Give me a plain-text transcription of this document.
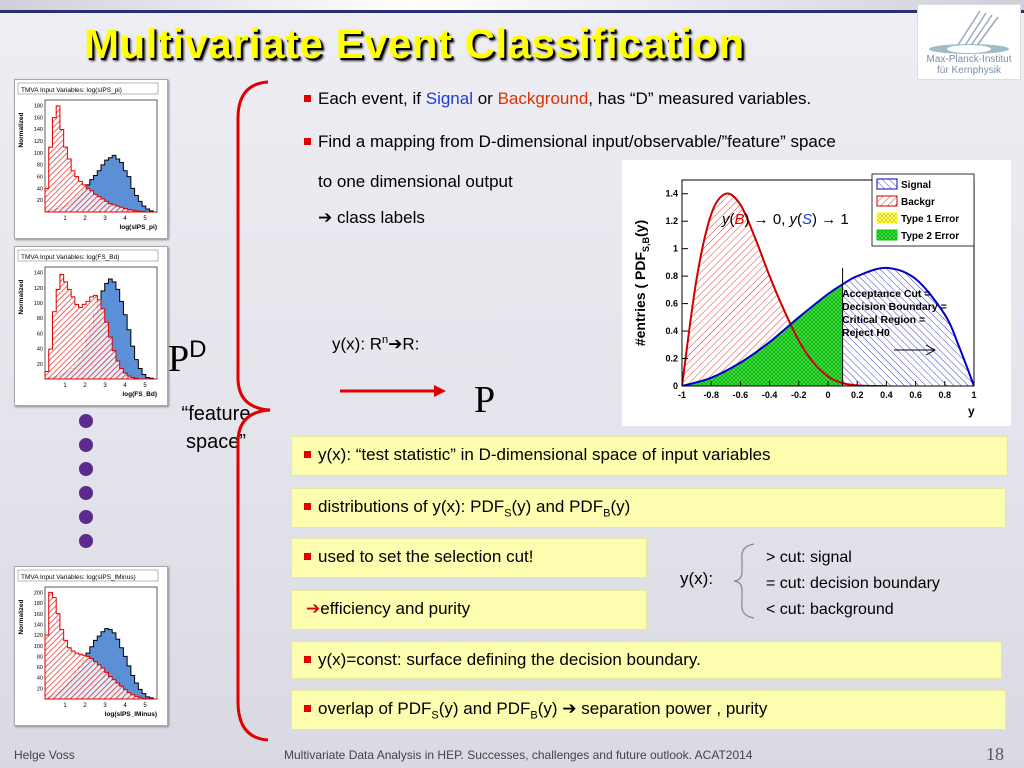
Multivariate Event Classification	Max-Planck-Institut
für Kernphysik
TMVA Input Variables: log(sIPS_pi)
20
40
60
80
100
120
140
160
180
1	2	3	4	5
log(sIPS_pi)
Normalized
TMVA Input Variables: log(FS_Bd)
20
40
60
80
100
120
140
1	2	3	4	5
log(FS_Bd)
Normalized
TMVA Input Variables: log(sIPS_lMinus)
20
40
60
80
100
120
140
160
180
200
1	2	3	4	5
log(sIPS_lMinus)
Normalized
$P^D$
“feature
space”
Each event, if Signal or Background, has “D” measured variables.
Find a mapping from D-dimensional input/observable/”feature” space
to one dimensional output
➔ class labels
y(x): $R^n➔R$:
P	-1 -0.8 -0.6 -0.4 -0.2 0 0.2 0.4 0.6 0.8 1
0
0.2
0.4
0.6
0.8
1
1.2
1.4
y
#entries ( $PDF_{S,B}(y)$
Signal
Backgr
Type 1 Error
Type 2 Error
y(B) → 0, y(S) → 1
Acceptance Cut =
Decision Boundary =
Critical Region =
Reject H0
y(x): “test statistic” in D-dimensional space of input variables
distributions of y(x): $PDF_S(y)$ and $PDF_B(y)$
used to set the selection cut!
➔efficiency and purity
y(x)=const: surface defining the decision boundary.
overlap of $PDF_S(y)$ and $PDF_B(y)$ ➔ separation power , purity
y(x):
> cut: signal
= cut: decision boundary
< cut: background
Helge Voss	Multivariate Data Analysis in HEP. Successes, challenges and future outlook. ACAT2014	18
